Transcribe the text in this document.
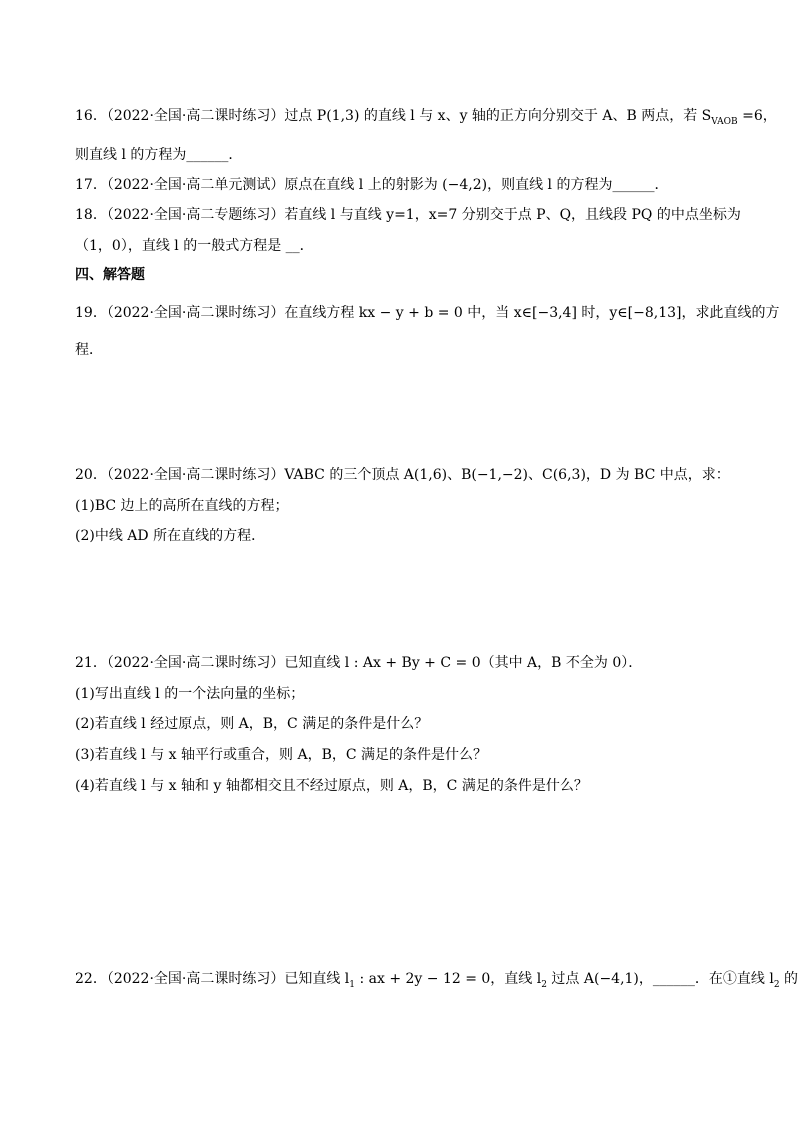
16．（2022·全国·高二课时练习）过点 P(1,3) 的直线 l 与 x、y 轴的正方向分别交于 A、B 两点，若 $S_{VAOB} =6$，
则直线 l 的方程为______．
17．（2022·全国·高二单元测试）原点在直线 l 上的射影为 (−4,2)，则直线 l 的方程为______．
18．（2022·全国·高二专题练习）若直线 l 与直线 y=1，x=7 分别交于点 P、Q，且线段 PQ 的中点坐标为
（1，0），直线 l 的一般式方程是 __．
四、解答题
19．（2022·全国·高二课时练习）在直线方程 kx − y + b = 0 中，当 x∈[−3,4] 时，y∈[−8,13]，求此直线的方
程．
20．（2022·全国·高二课时练习）VABC 的三个顶点 A(1,6)、B(−1,−2)、C(6,3)，D 为 BC 中点，求：
(1)BC 边上的高所在直线的方程；
(2)中线 AD 所在直线的方程．
21．（2022·全国·高二课时练习）已知直线 l : Ax + By + C = 0（其中 A，B 不全为 0）．
(1)写出直线 l 的一个法向量的坐标；
(2)若直线 l 经过原点，则 A，B，C 满足的条件是什么？
(3)若直线 l 与 x 轴平行或重合，则 A，B，C 满足的条件是什么？
(4)若直线 l 与 x 轴和 y 轴都相交且不经过原点，则 A，B，C 满足的条件是什么？
22．（2022·全国·高二课时练习）已知直线 $l_1$ : ax + 2y − 12 = 0，直线 $l_2$ 过点 A(−4,1)，______．在①直线 $l_2$ 的
